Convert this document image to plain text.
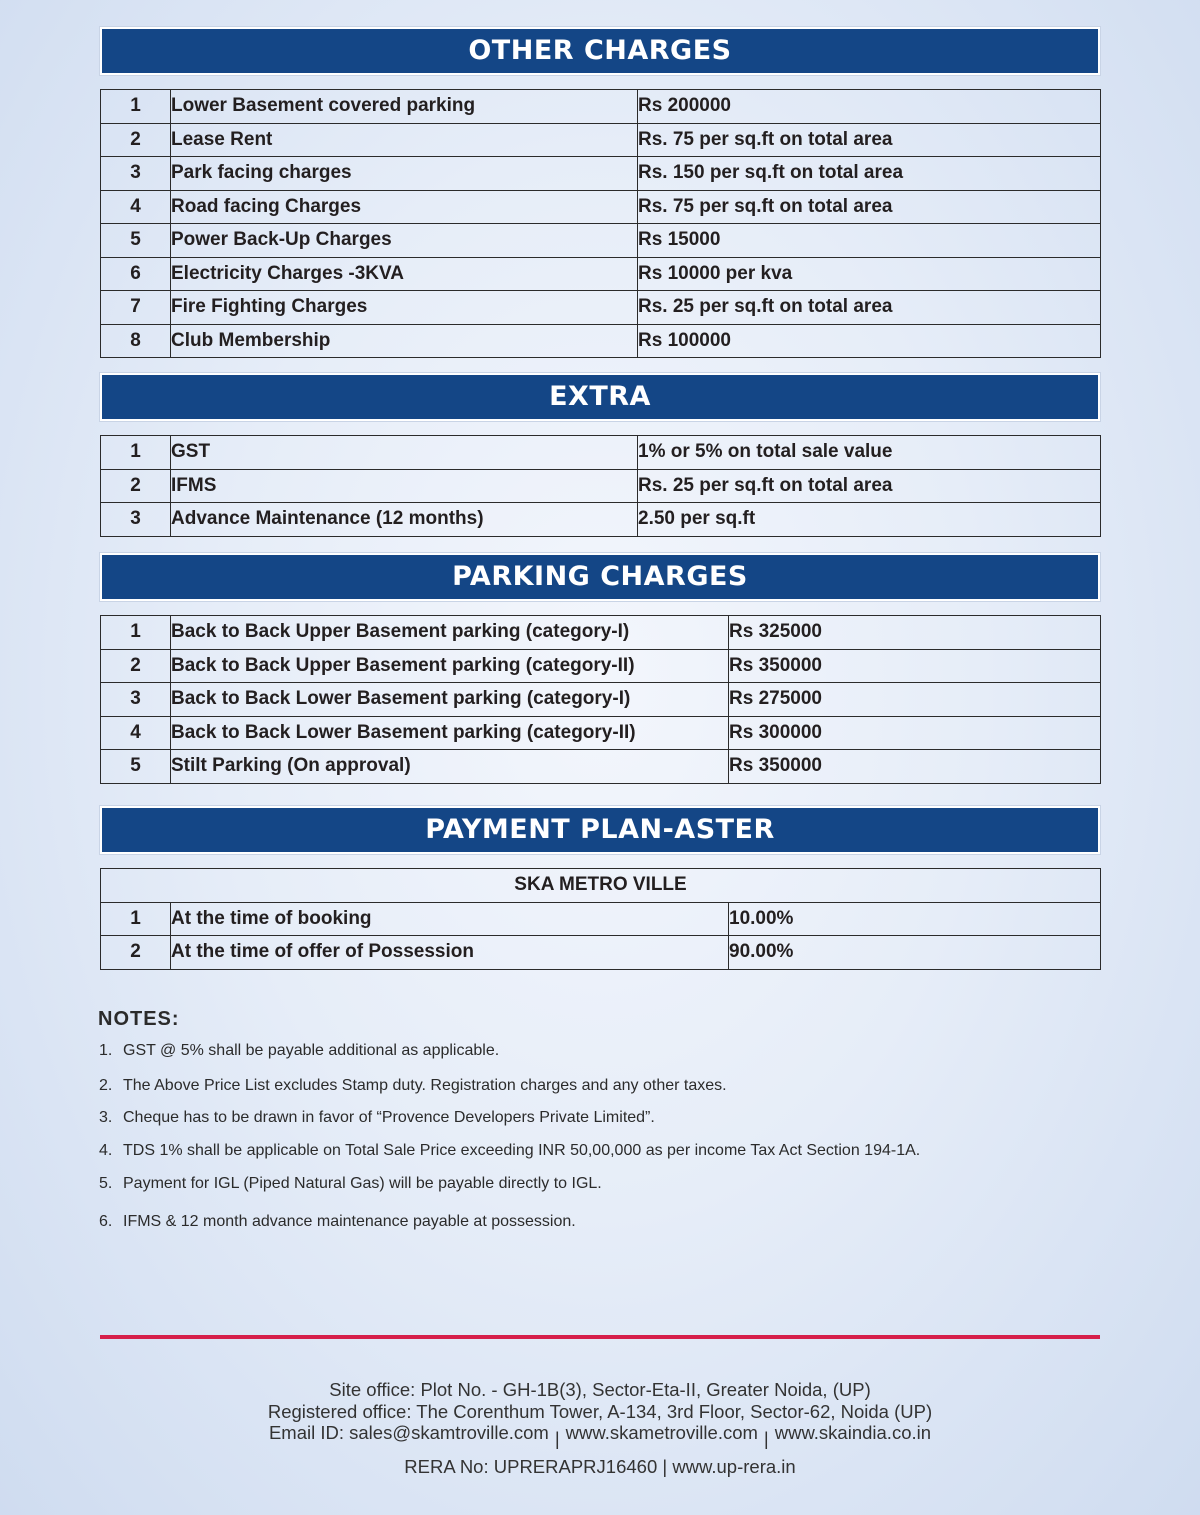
OTHER CHARGES
1	Lower Basement covered parking	Rs 200000
2	Lease Rent	Rs. 75 per sq.ft on total area
3	Park facing charges	Rs. 150 per sq.ft on total area
4	Road facing Charges	Rs. 75 per sq.ft on total area
5	Power Back-Up Charges	Rs 15000
6	Electricity Charges -3KVA	Rs 10000 per kva
7	Fire Fighting Charges	Rs. 25 per sq.ft on total area
8	Club Membership	Rs 100000
EXTRA
1	GST	1% or 5% on total sale value
2	IFMS	Rs. 25 per sq.ft on total area
3	Advance Maintenance (12 months)	2.50 per sq.ft
PARKING CHARGES
1	Back to Back Upper Basement parking (category-I)	Rs 325000
2	Back to Back Upper Basement parking (category-II)	Rs 350000
3	Back to Back Lower Basement parking (category-I)	Rs 275000
4	Back to Back Lower Basement parking (category-II)	Rs 300000
5	Stilt Parking (On approval)	Rs 350000
PAYMENT PLAN-ASTER
SKA METRO VILLE		
1	At the time of booking	10.00%
2	At the time of offer of Possession	90.00%
NOTES:
1. GST @ 5% shall be payable additional as applicable.
2. The Above Price List excludes Stamp duty. Registration charges and any other taxes.
3. Cheque has to be drawn in favor of “Provence Developers Private Limited”.
4. TDS 1% shall be applicable on Total Sale Price exceeding INR 50,00,000 as per income Tax Act Section 194-1A.
5. Payment for IGL (Piped Natural Gas) will be payable directly to IGL.
6. IFMS & 12 month advance maintenance payable at possession.
Site office: Plot No. - GH-1B(3), Sector-Eta-II, Greater Noida, (UP)
Registered office: The Corenthum Tower, A-134, 3rd Floor, Sector-62, Noida (UP)
Email ID: sales@skamtroville.com | www.skametroville.com | www.skaindia.co.in
RERA No: UPRERAPRJ16460 | www.up-rera.in
